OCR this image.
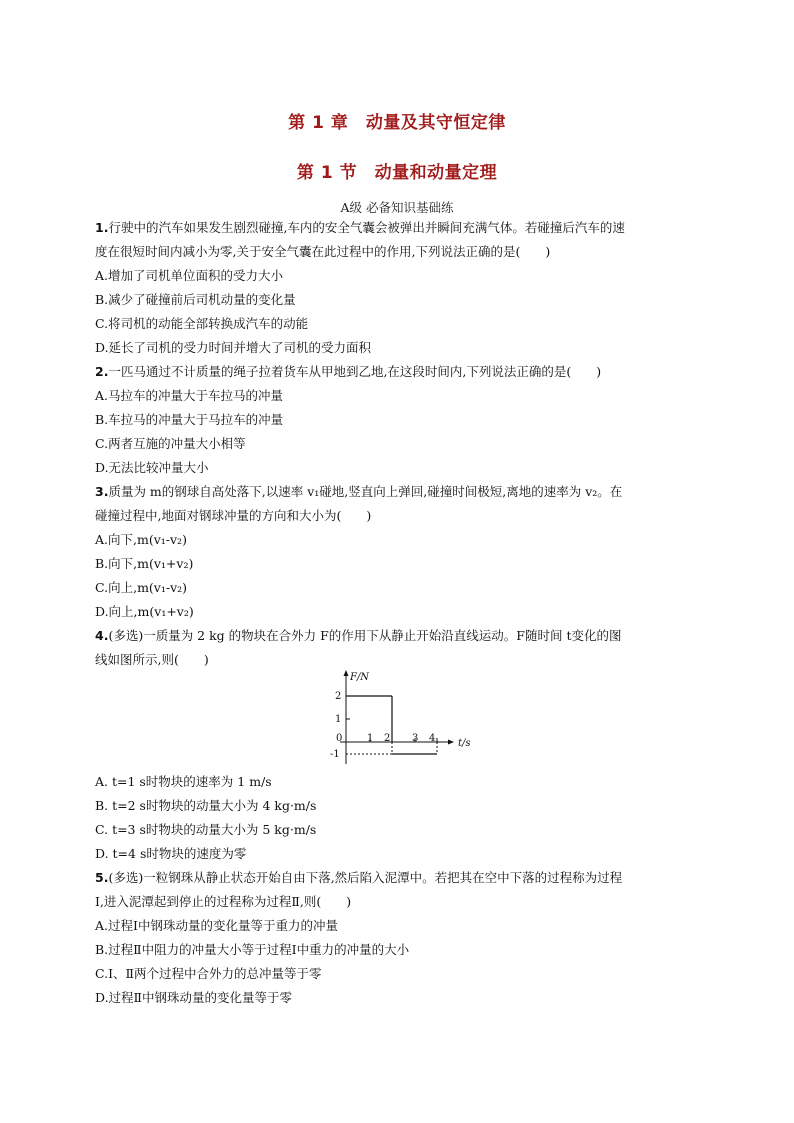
第 1 章　动量及其守恒定律
第 1 节　动量和动量定理
A级 必备知识基础练
1.行驶中的汽车如果发生剧烈碰撞,车内的安全气囊会被弹出并瞬间充满气体。若碰撞后汽车的速
度在很短时间内减小为零,关于安全气囊在此过程中的作用,下列说法正确的是(　　)
A.增加了司机单位面积的受力大小
B.减少了碰撞前后司机动量的变化量
C.将司机的动能全部转换成汽车的动能
D.延长了司机的受力时间并增大了司机的受力面积
2.一匹马通过不计质量的绳子拉着货车从甲地到乙地,在这段时间内,下列说法正确的是(　　)
A.马拉车的冲量大于车拉马的冲量
B.车拉马的冲量大于马拉车的冲量
C.两者互施的冲量大小相等
D.无法比较冲量大小
3.质量为 m的钢球自高处落下,以速率 v₁碰地,竖直向上弹回,碰撞时间极短,离地的速率为 v₂。在
碰撞过程中,地面对钢球冲量的方向和大小为(　　)
A.向下,m(v₁-v₂)
B.向下,m(v₁+v₂)
C.向上,m(v₁-v₂)
D.向上,m(v₁+v₂)
4.(多选)一质量为 2 kg 的物块在合外力 F的作用下从静止开始沿直线运动。F随时间 t变化的图
线如图所示,则(　　)
F/N
t/s
2
1
-1
0 1 2 3 4
A. t=1 s时物块的速率为 1 m/s
B. t=2 s时物块的动量大小为 4 kg·m/s
C. t=3 s时物块的动量大小为 5 kg·m/s
D. t=4 s时物块的速度为零
5.(多选)一粒钢珠从静止状态开始自由下落,然后陷入泥潭中。若把其在空中下落的过程称为过程
Ⅰ,进入泥潭起到停止的过程称为过程Ⅱ,则(　　)
A.过程Ⅰ中钢珠动量的变化量等于重力的冲量
B.过程Ⅱ中阻力的冲量大小等于过程Ⅰ中重力的冲量的大小
C.Ⅰ、Ⅱ两个过程中合外力的总冲量等于零
D.过程Ⅱ中钢珠动量的变化量等于零
